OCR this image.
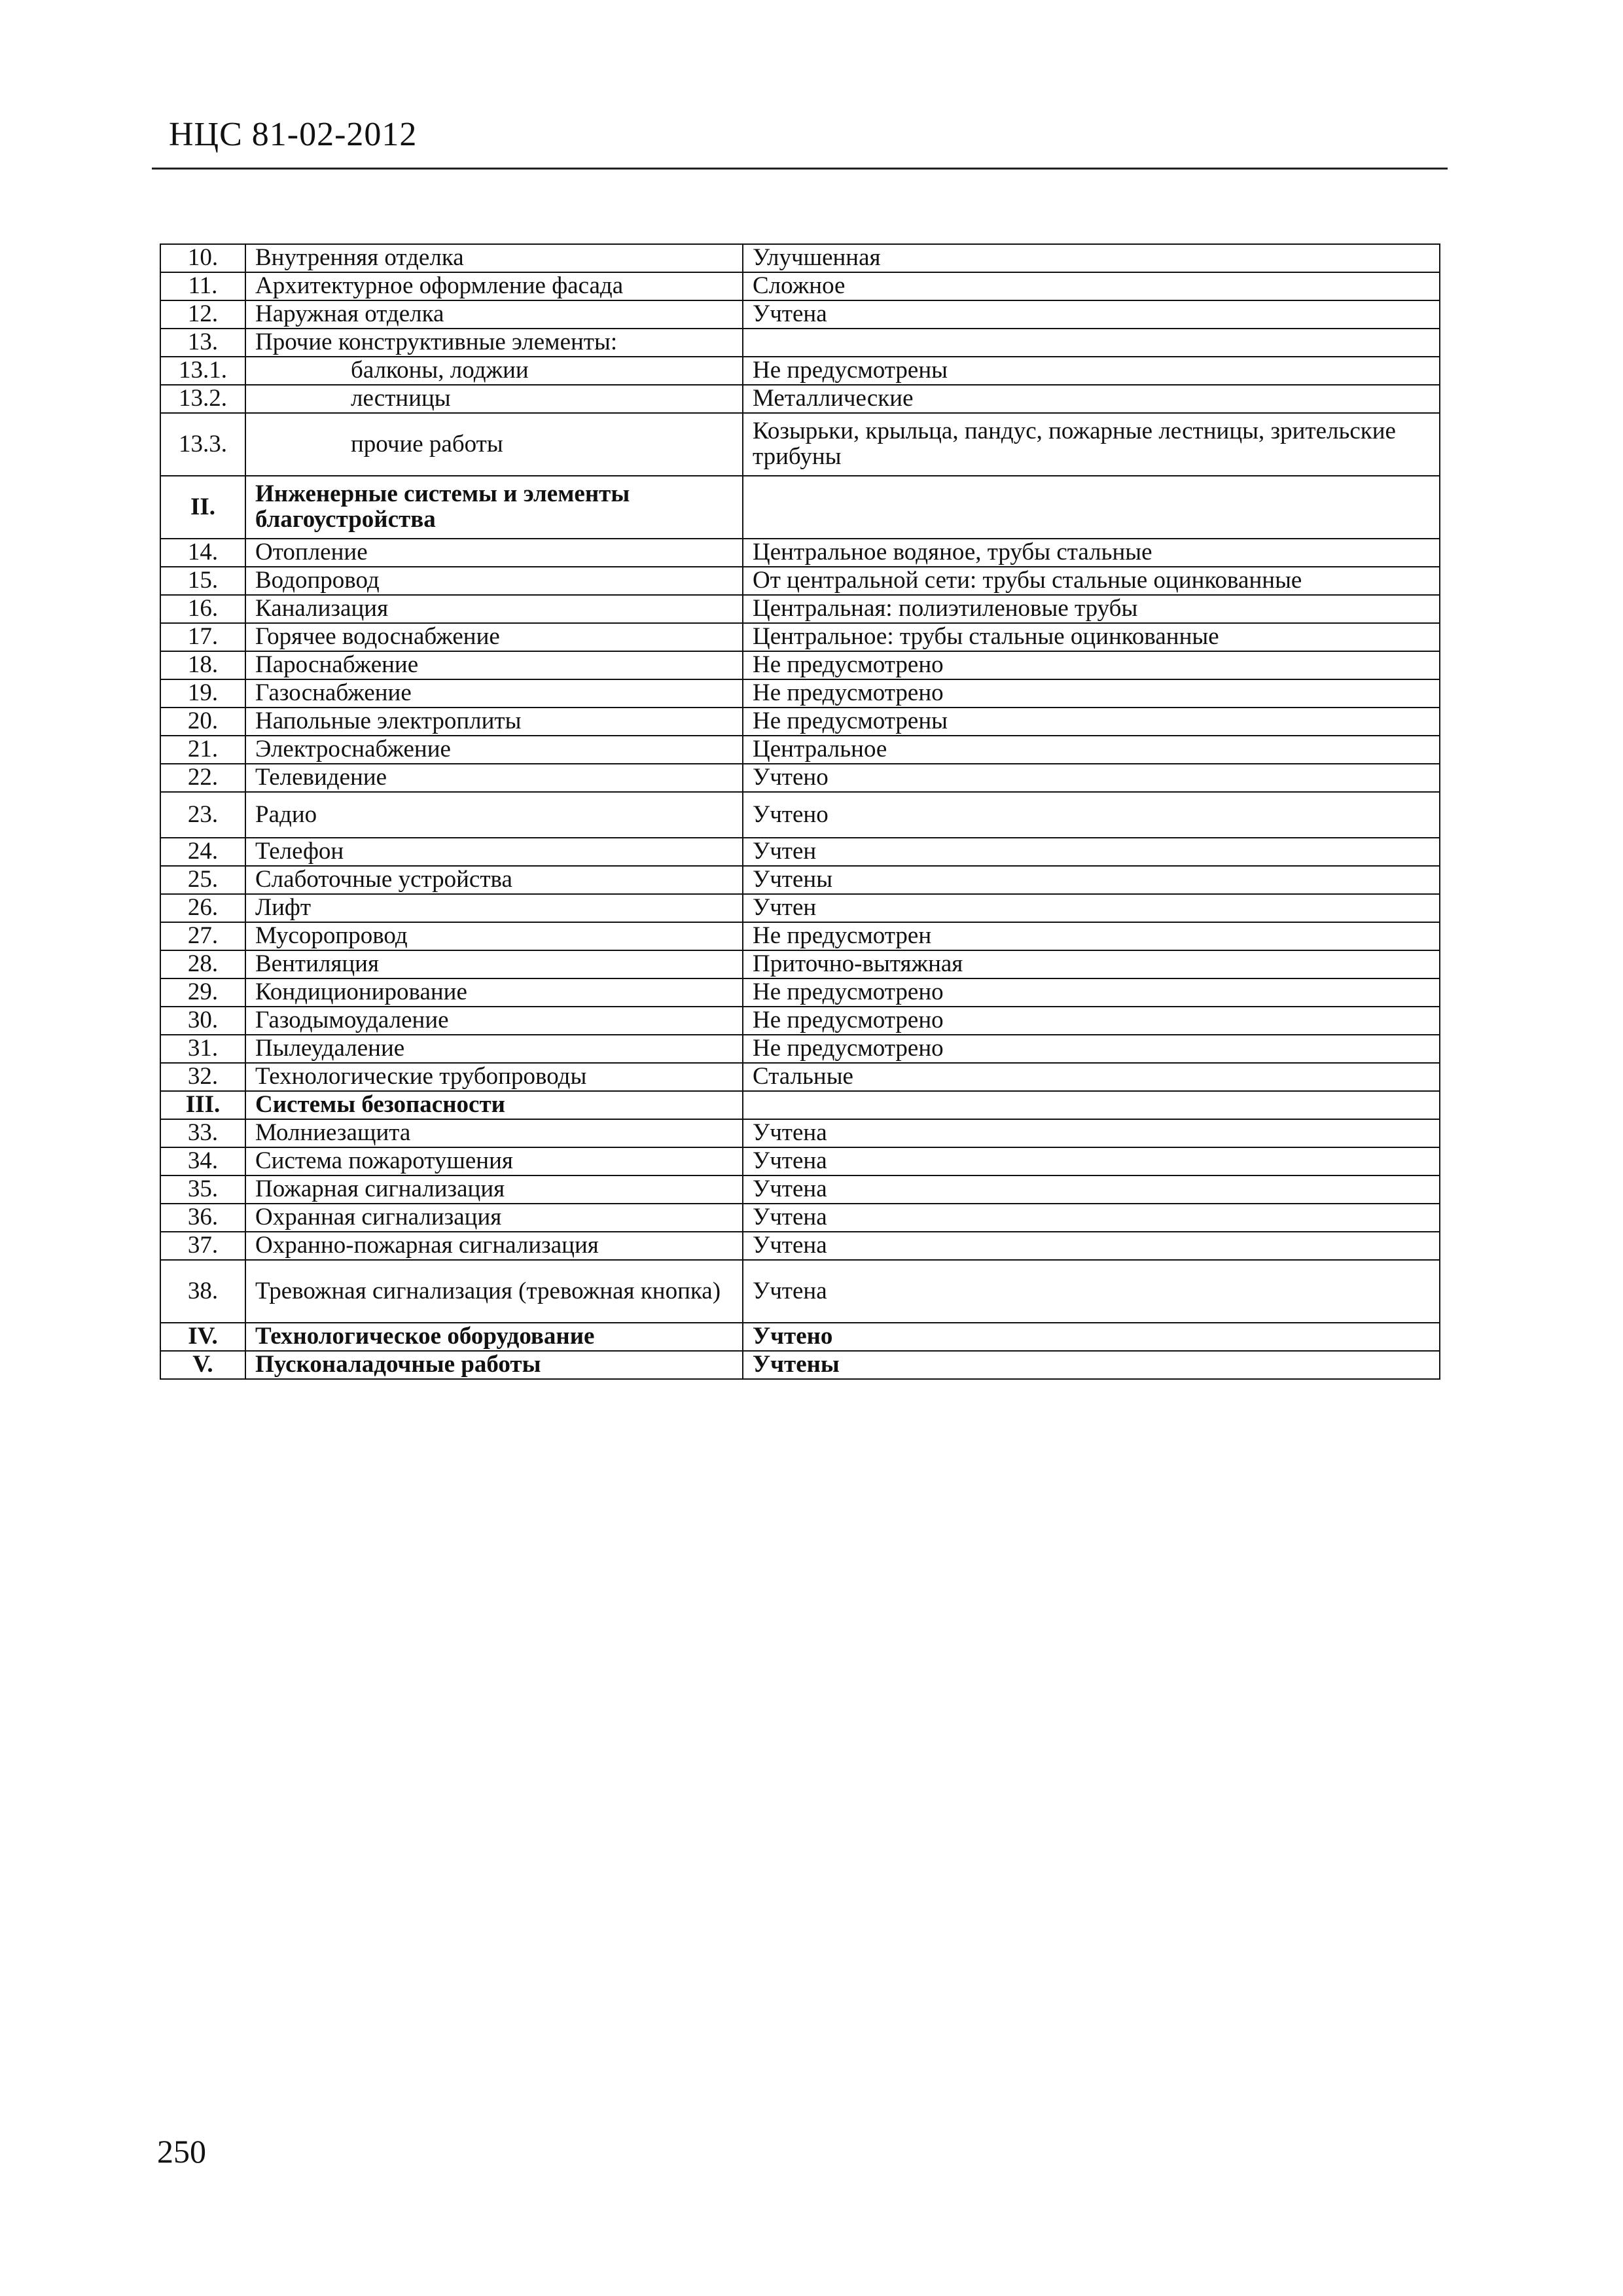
НЦС 81-02-2012
10.	Внутренняя отделка	Улучшенная
11.	Архитектурное оформление фасада	Сложное
12.	Наружная отделка	Учтена
13.	Прочие конструктивные элементы:	
13.1.	балконы, лоджии	Не предусмотрены
13.2.	лестницы	Металлические
13.3.	прочие работы	Козырьки, крыльца, пандус, пожарные лестницы, зрительские трибуны
II.	Инженерные системы и элементы благоустройства	
14.	Отопление	Центральное водяное, трубы стальные
15.	Водопровод	От центральной сети: трубы стальные оцинкованные
16.	Канализация	Центральная: полиэтиленовые трубы
17.	Горячее водоснабжение	Центральное: трубы стальные оцинкованные
18.	Пароснабжение	Не предусмотрено
19.	Газоснабжение	Не предусмотрено
20.	Напольные электроплиты	Не предусмотрены
21.	Электроснабжение	Центральное
22.	Телевидение	Учтено
23.	Радио	Учтено
24.	Телефон	Учтен
25.	Слаботочные устройства	Учтены
26.	Лифт	Учтен
27.	Мусоропровод	Не предусмотрен
28.	Вентиляция	Приточно-вытяжная
29.	Кондиционирование	Не предусмотрено
30.	Газодымоудаление	Не предусмотрено
31.	Пылеудаление	Не предусмотрено
32.	Технологические трубопроводы	Стальные
III.	Системы безопасности	
33.	Молниезащита	Учтена
34.	Система пожаротушения	Учтена
35.	Пожарная сигнализация	Учтена
36.	Охранная сигнализация	Учтена
37.	Охранно-пожарная сигнализация	Учтена
38.	Тревожная сигнализация (тревожная кнопка)	Учтена
IV.	Технологическое оборудование	Учтено
V.	Пусконаладочные работы	Учтены
250
